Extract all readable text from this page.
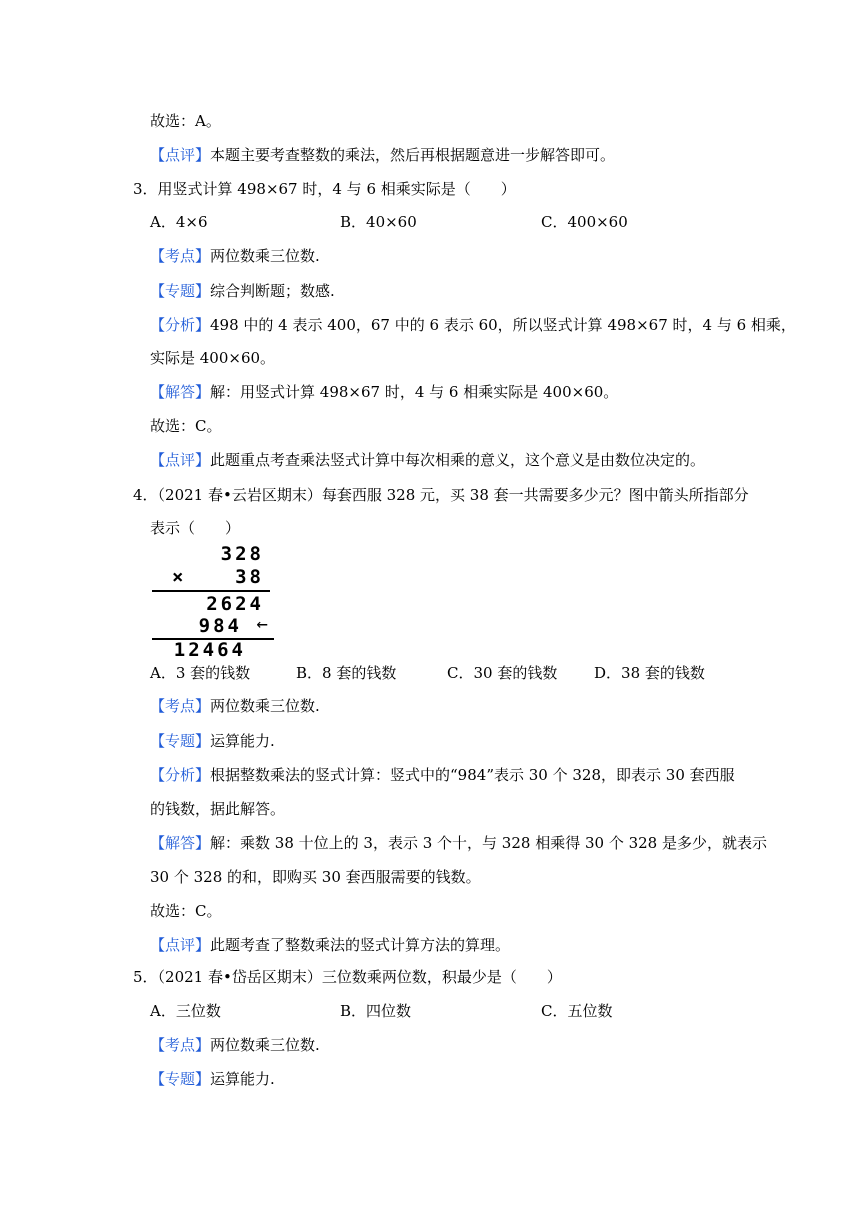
故选：A。
【点评】本题主要考查整数的乘法，然后再根据题意进一步解答即可。
3．用竖式计算 498×67 时，4 与 6 相乘实际是（　　）
A．4×6	B．40×60	C．400×60
【考点】两位数乘三位数.
【专题】综合判断题；数感.
【分析】498 中的 4 表示 400，67 中的 6 表示 60，所以竖式计算 498×67 时，4 与 6 相乘，
实际是 400×60。
【解答】解：用竖式计算 498×67 时，4 与 6 相乘实际是 400×60。
故选：C。
【点评】此题重点考查乘法竖式计算中每次相乘的意义，这个意义是由数位决定的。
4．（2021 春•云岩区期末）每套西服 328 元，买 38 套一共需要多少元？图中箭头所指部分
表示（　　）
328
×	38
2624
984 ←
12464
A．3 套的钱数	B．8 套的钱数	C．30 套的钱数 D．38 套的钱数
【考点】两位数乘三位数.
【专题】运算能力.
【分析】根据整数乘法的竖式计算：竖式中的“984”表示 30 个 328，即表示 30 套西服
的钱数，据此解答。
【解答】解：乘数 38 十位上的 3，表示 3 个十，与 328 相乘得 30 个 328 是多少，就表示
30 个 328 的和，即购买 30 套西服需要的钱数。
故选：C。
【点评】此题考查了整数乘法的竖式计算方法的算理。
5．（2021 春•岱岳区期末）三位数乘两位数，积最少是（　　）
A．三位数	B．四位数	C．五位数
【考点】两位数乘三位数.
【专题】运算能力.
